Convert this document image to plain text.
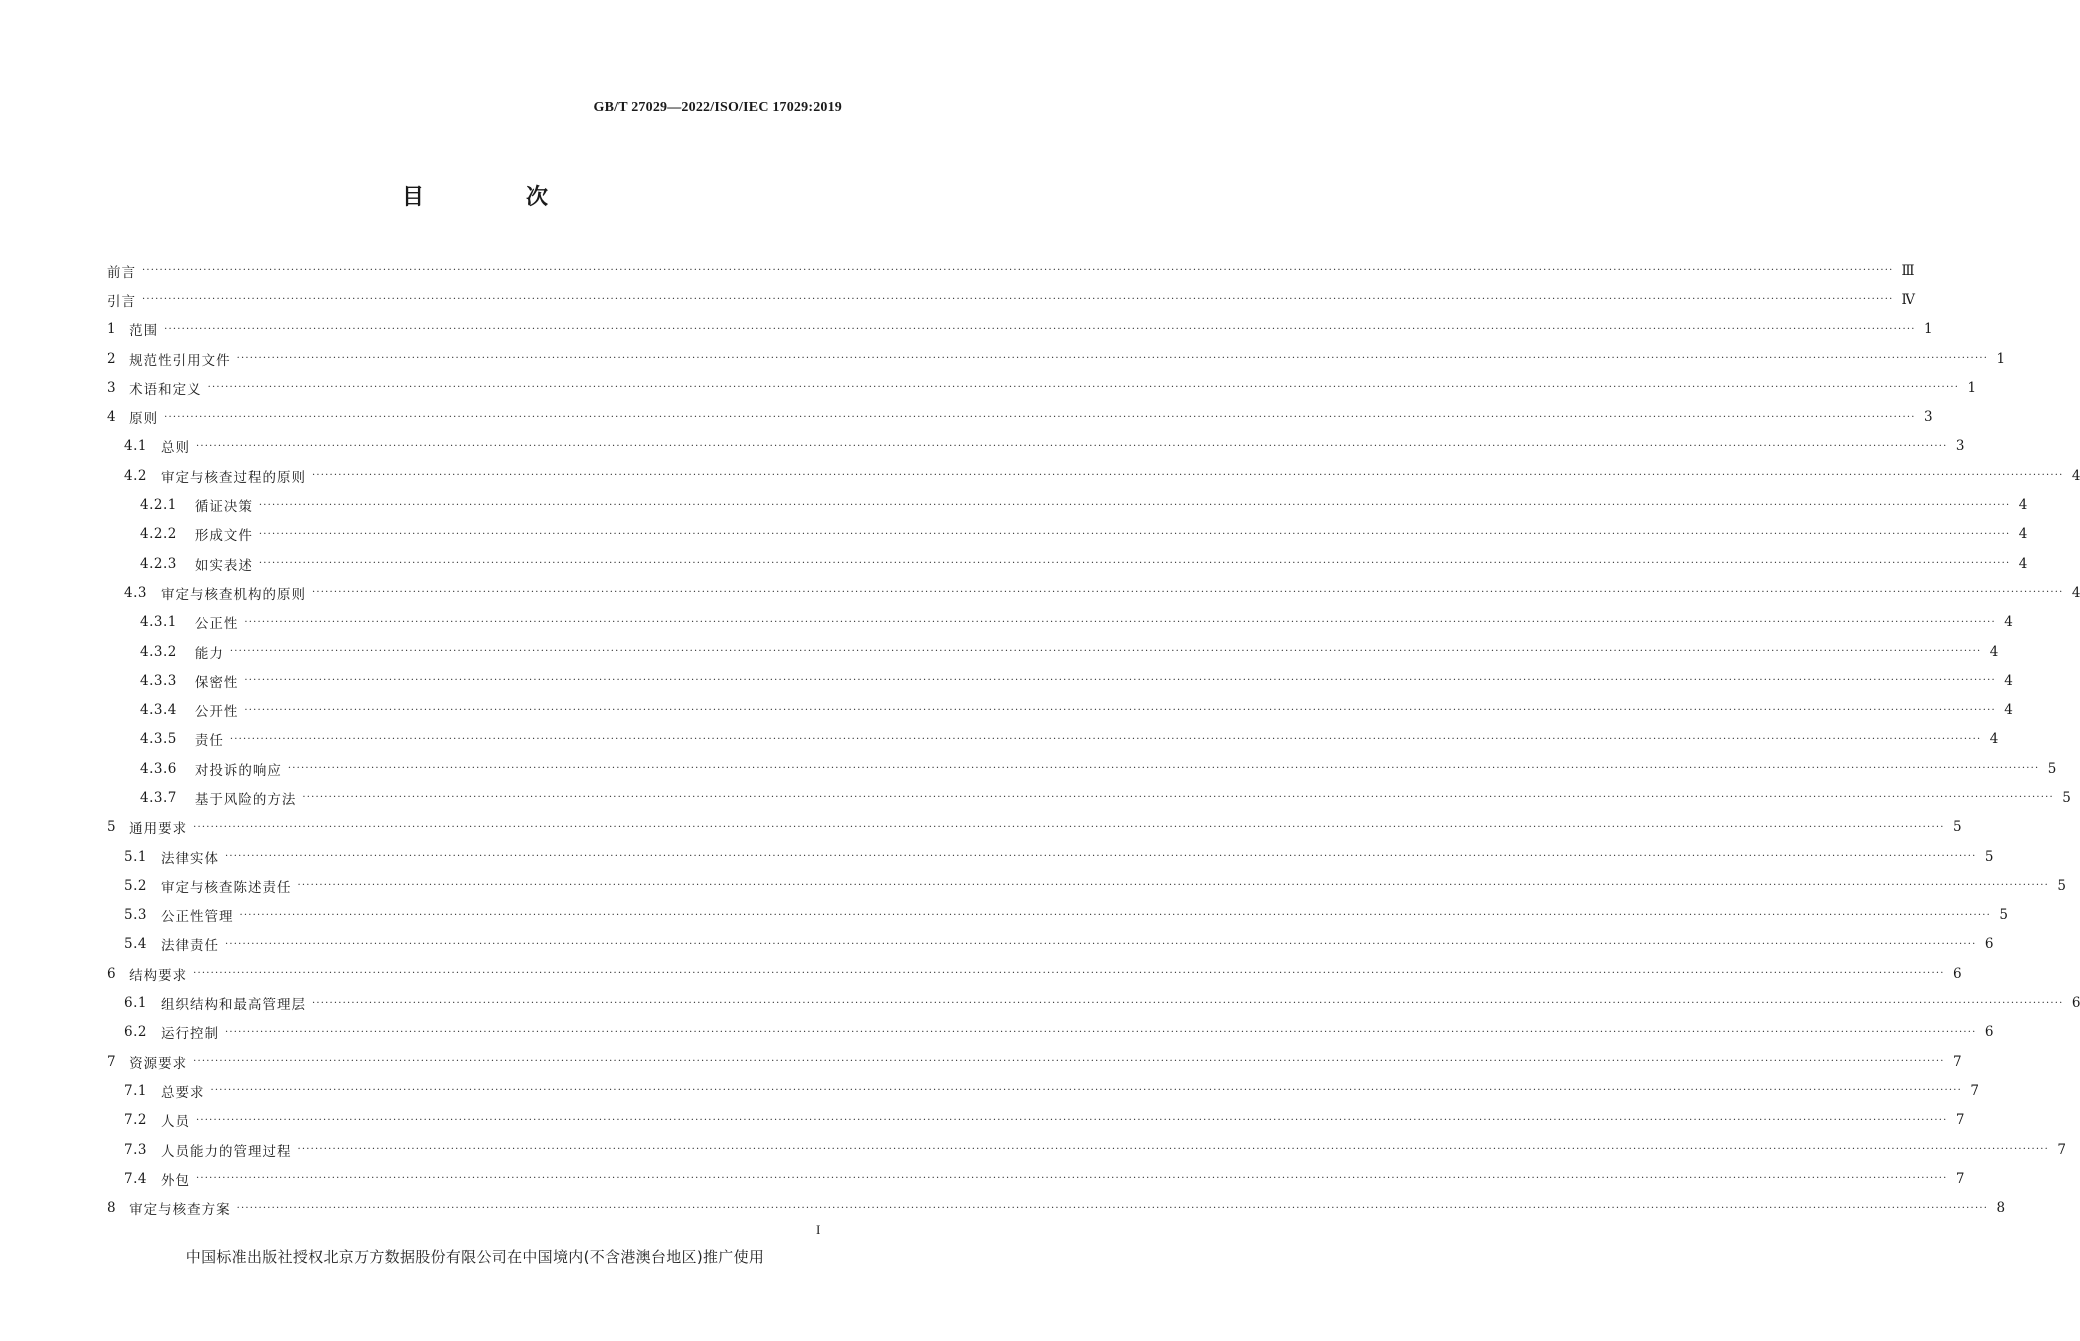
GB/T 27029—2022/ISO/IEC 17029:2019
目　次
前言 ················································································································································································································································································································································································································ Ⅲ
引言 ················································································································································································································································································································································································································ Ⅳ
1 范围 ················································································································································································································································································································································································································ 1
2 规范性引用文件 ················································································································································································································································································································································································································ 1
3 术语和定义 ················································································································································································································································································································································································································ 1
4 原则 ················································································································································································································································································································································································································ 3
4.1	总则 ················································································································································································································································································································································································································ 3
4.2	审定与核查过程的原则 ················································································································································································································································································································································································································ 4
4.2.1	循证决策 ················································································································································································································································································································································································································ 4
4.2.2	形成文件 ················································································································································································································································································································································································································ 4
4.2.3	如实表述 ················································································································································································································································································································································································································ 4
4.3	审定与核查机构的原则 ················································································································································································································································································································································································································ 4
4.3.1	公正性 ················································································································································································································································································································································································································ 4
4.3.2	能力 ················································································································································································································································································································································································································ 4
4.3.3	保密性 ················································································································································································································································································································································································································ 4
4.3.4	公开性 ················································································································································································································································································································································································································ 4
4.3.5	责任 ················································································································································································································································································································································································································ 4
4.3.6	对投诉的响应 ················································································································································································································································································································································································································ 5
4.3.7	基于风险的方法 ················································································································································································································································································································································································································ 5
5 通用要求 ················································································································································································································································································································································································································ 5
5.1	法律实体 ················································································································································································································································································································································································································ 5
5.2	审定与核查陈述责任 ················································································································································································································································································································································································································ 5
5.3	公正性管理 ················································································································································································································································································································································································································ 5
5.4	法律责任 ················································································································································································································································································································································································································ 6
6 结构要求 ················································································································································································································································································································································································································ 6
6.1	组织结构和最高管理层 ················································································································································································································································································································································································································ 6
6.2	运行控制 ················································································································································································································································································································································································································ 6
7 资源要求 ················································································································································································································································································································································································································ 7
7.1	总要求 ················································································································································································································································································································································································································ 7
7.2	人员 ················································································································································································································································································································································································································ 7
7.3	人员能力的管理过程 ················································································································································································································································································································································································································ 7
7.4	外包 ················································································································································································································································································································································································································ 7
8 审定与核查方案 ················································································································································································································································································································································································································ 8
I
中国标准出版社授权北京万方数据股份有限公司在中国境内(不含港澳台地区)推广使用
